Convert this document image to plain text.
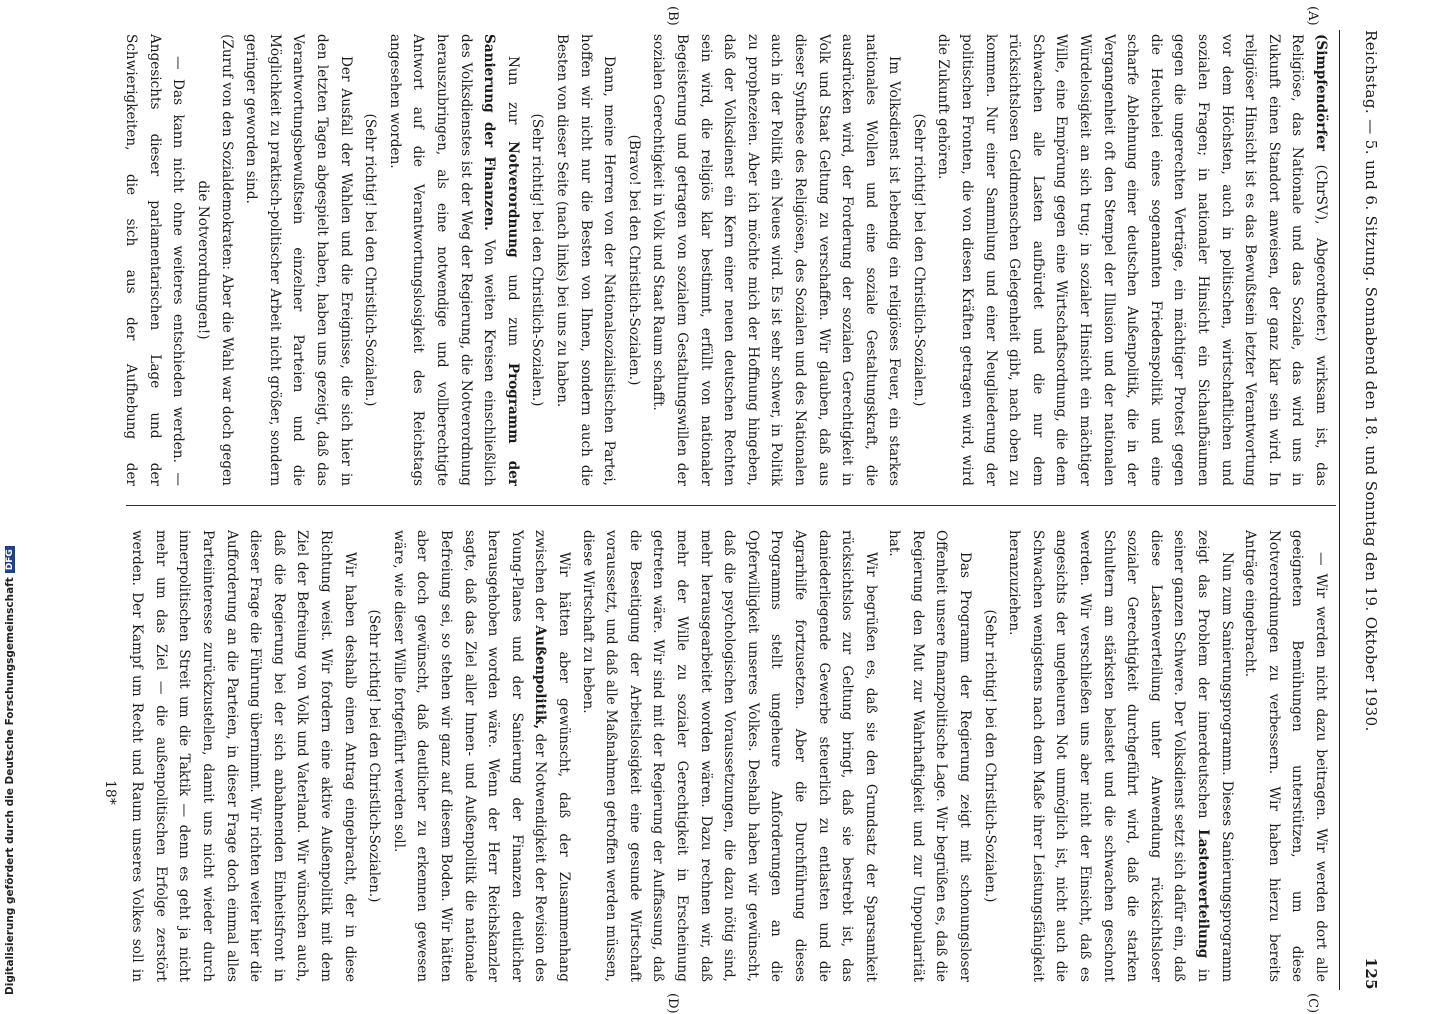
Reichstag. — 5. und 6. Sitzung. Sonnabend den 18. und Sonntag den 19. Oktober 1930.
125
(A)
(B)
(C)
(D)

(Simpfendörfer (ChrSV), Abgeordneter.) wirksam ist, das Religiöse, das Nationale und das Soziale, das wird uns in Zukunft einen Standort anweisen, der ganz klar sein wird. In religiöser Hinsicht ist es das Bewußtsein letzter Verantwortung vor dem Höchsten, auch in politischen, wirtschaftlichen und sozialen Fragen; in nationaler Hinsicht ein Sichaufbäumen gegen die ungerechten Verträge, ein mächtiger Protest gegen die Heuchelei eines sogenannten Friedenspolitik und eine scharfe Ablehnung einer deutschen Außenpolitik, die in der Vergangenheit oft den Stempel der Illusion und der nationalen Würdelosigkeit an sich trug; in sozialer Hinsicht ein mächtiger Wille, eine Empörung gegen eine Wirtschaftsordnung, die dem Schwachen alle Lasten aufbürdet und die nur dem rücksichtslosen Geldmenschen Gelegenheit gibt, nach oben zu kommen. Nur einer Sammlung und einer Neugliederung der politischen Fronten, die von diesen Kräften getragen wird, wird die Zukunft gehören.

(Sehr richtig! bei den Christlich-Sozialen.)

Im Volksdienst ist lebendig ein religiöses Feuer, ein starkes nationales Wollen und eine soziale Gestaltungskraft, die ausdrücken wird, der Forderung der sozialen Gerechtigkeit in Volk und Staat Geltung zu verschaffen. Wir glauben, daß aus dieser Synthese des Religiösen, des Sozialen und des Nationalen auch in der Politik ein Neues wird. Es ist sehr schwer, in Politik zu prophezeien. Aber ich möchte mich der Hoffnung hingeben, daß der Volksdienst ein Kern einer neuen deutschen Rechten sein wird, die religiös klar bestimmt, erfüllt von nationaler Begeisterung und getragen von sozialem Gestaltungswillen der sozialen Gerechtigkeit in Volk und Staat Raum schafft.

(Bravo! bei den Christlich-Sozialen.)

Dann, meine Herren von der Nationalsozialistischen Partei, hoffen wir nicht nur die Besten von Ihnen, sondern auch die Besten von dieser Seite (nach links) bei uns zu haben.

(Sehr richtig! bei den Christlich-Sozialen.)

Nun zur Notverordnung und zum Programm der Sanierung der Finanzen. Von weiten Kreisen einschließlich des Volksdienstes ist der Weg der Regierung, die Notverordnung herauszubringen, als eine notwendige und vollberechtigte Antwort auf die Verantwortungslosigkeit des Reichstags angesehen worden.

(Sehr richtig! bei den Christlich-Sozialen.)

Der Ausfall der Wahlen und die Ereignisse, die sich hier in den letzten Tagen abgespielt haben, haben uns gezeigt, daß das Verantwortungsbewußtsein einzelner Parteien und die Möglichkeit zu praktisch-politischer Arbeit nicht größer, sondern geringer geworden sind.

(Zuruf von den Sozialdemokraten: Aber die Wahl war doch gegen die Notverordnungen!)

— Das kann nicht ohne weiteres entschieden werden. — Angesichts dieser parlamentarischen Lage und der Schwierigkeiten, die sich aus der Aufhebung der

— Wir werden nicht dazu beitragen. Wir werden dort alle geeigneten Bemühungen unterstützen, um diese Notverordnungen zu verbessern. Wir haben hierzu bereits Anträge eingebracht.

Nun zum Sanierungsprogramm. Dieses Sanierungsprogramm zeigt das Problem der innerdeutschen Lastenverteilung in seiner ganzen Schwere. Der Volksdienst setzt sich dafür ein, daß diese Lastenverteilung unter Anwendung rücksichtsloser sozialer Gerechtigkeit durchgeführt wird, daß die starken Schultern am stärksten belastet und die schwachen geschont werden. Wir verschließen uns aber nicht der Einsicht, daß es angesichts der ungeheuren Not unmöglich ist, nicht auch die Schwachen wenigstens nach dem Maße ihrer Leistungsfähigkeit heranzuziehen.

(Sehr richtig! bei den Christlich-Sozialen.)

Das Programm der Regierung zeigt mit schonungsloser Offenheit unsere finanzpolitische Lage. Wir begrüßen es, daß die Regierung den Mut zur Wahrhaftigkeit und zur Unpopularität hat.

Wir begrüßen es, daß sie den Grundsatz der Sparsamkeit rücksichtslos zur Geltung bringt, daß sie bestrebt ist, das daniederliegende Gewerbe steuerlich zu entlasten und die Agrarhilfe fortzusetzen. Aber die Durchführung dieses Programms stellt ungeheure Anforderungen an die Opferwilligkeit unseres Volkes. Deshalb haben wir gewünscht, daß die psychologischen Voraussetzungen, die dazu nötig sind, mehr herausgearbeitet worden wären. Dazu rechnen wir, daß mehr der Wille zu sozialer Gerechtigkeit in Erscheinung getreten wäre. Wir sind mit der Regierung der Auffassung, daß die Beseitigung der Arbeitslosigkeit eine gesunde Wirtschaft voraussetzt, und daß alle Maßnahmen getroffen werden müssen, diese Wirtschaft zu heben.

Wir hätten aber gewünscht, daß der Zusammenhang zwischen der Außenpolitik, der Notwendigkeit der Revision des Young-Planes und der Sanierung der Finanzen deutlicher herausgehoben worden wäre. Wenn der Herr Reichskanzler sagte, daß das Ziel aller Innen- und Außenpolitik die nationale Befreiung sei, so stehen wir ganz auf diesem Boden. Wir hätten aber doch gewünscht, daß deutlicher zu erkennen gewesen wäre, wie dieser Wille fortgeführt werden soll.

(Sehr richtig! bei den Christlich-Sozialen.)

Wir haben deshalb einen Antrag eingebracht, der in diese Richtung weist. Wir fordern eine aktive Außenpolitik mit dem Ziel der Befreiung von Volk und Vaterland. Wir wünschen auch, daß die Regierung bei der sich anbahnenden Einheitsfront in dieser Frage die Führung übernimmt. Wir richten weiter hier die Aufforderung an die Parteien, in dieser Frage doch einmal alles Parteiinteresse zurückzustellen, damit uns nicht wieder durch innerpolitischen Streit um die Taktik — denn es geht ja nicht mehr um das Ziel — die außenpolitischen Erfolge zerstört werden. Der Kampf um Recht und Raum unseres Volkes soll in

18*
Digitalisierung gefördert durch die Deutsche Forschungsgemeinschaft
DFG
